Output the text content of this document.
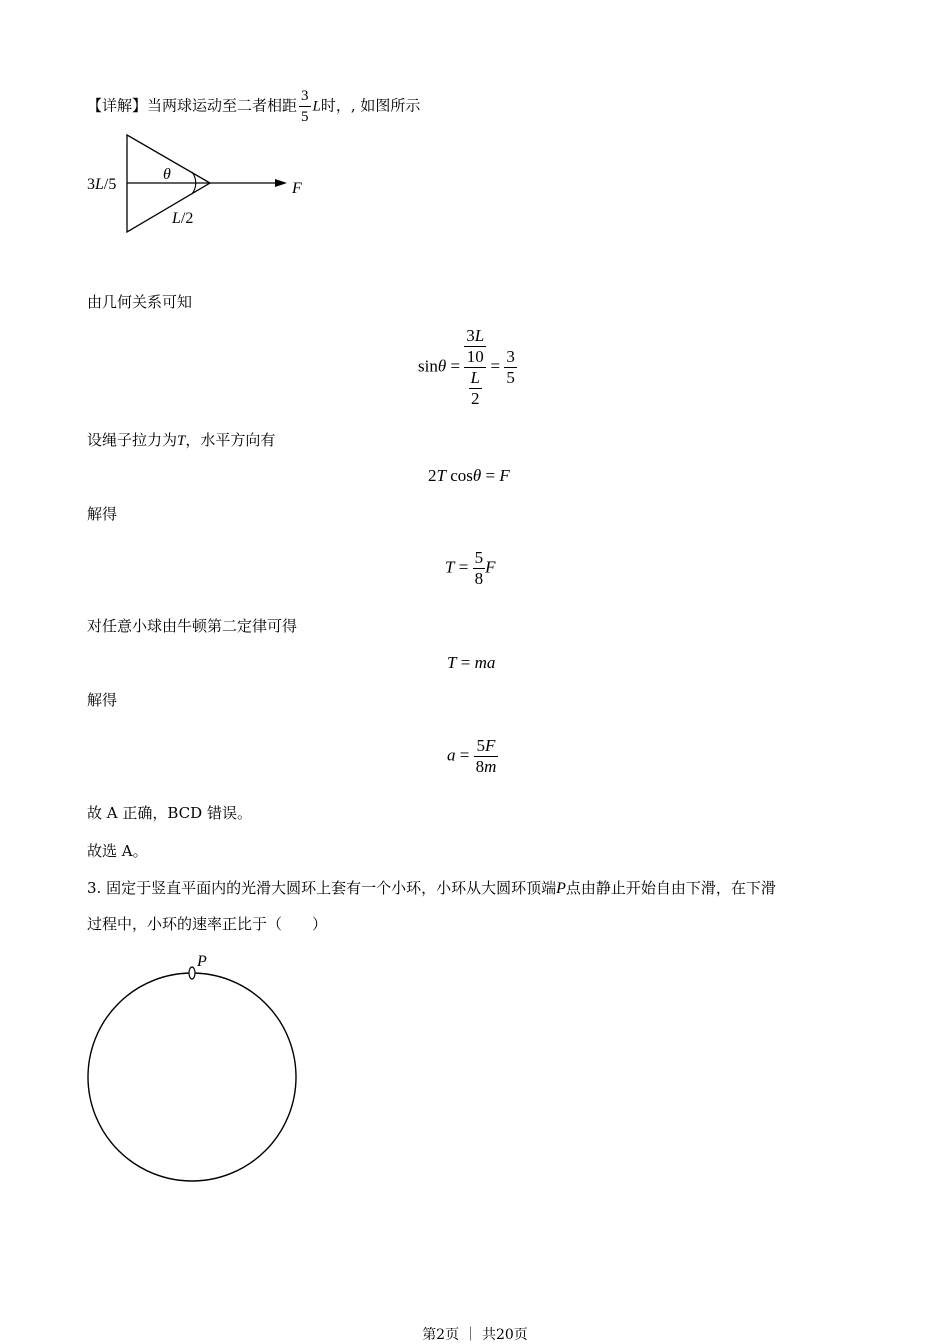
【详解】当两球运动至二者相距 $\frac{3}{5}$ L时，, 如图所示
3L/5
θ
F
L/2
由几何关系可知
$\sin\theta = \frac{\frac{3L}{10}}{\frac{L}{2}} = \frac{3}{5}$
设绳子拉力为T，水平方向有
2T cosθ = F
解得
$T = \frac{5}{8}$ F
对任意小球由牛顿第二定律可得
T = ma
解得
$a = \frac{5F}{8m}$
故 A 正确，BCD 错误。
故选 A。
3. 固定于竖直平面内的光滑大圆环上套有一个小环，小环从大圆环顶端P点由静止开始自由下滑，在下滑
过程中，小环的速率正比于（　　）
P
第2页 ｜ 共20页
